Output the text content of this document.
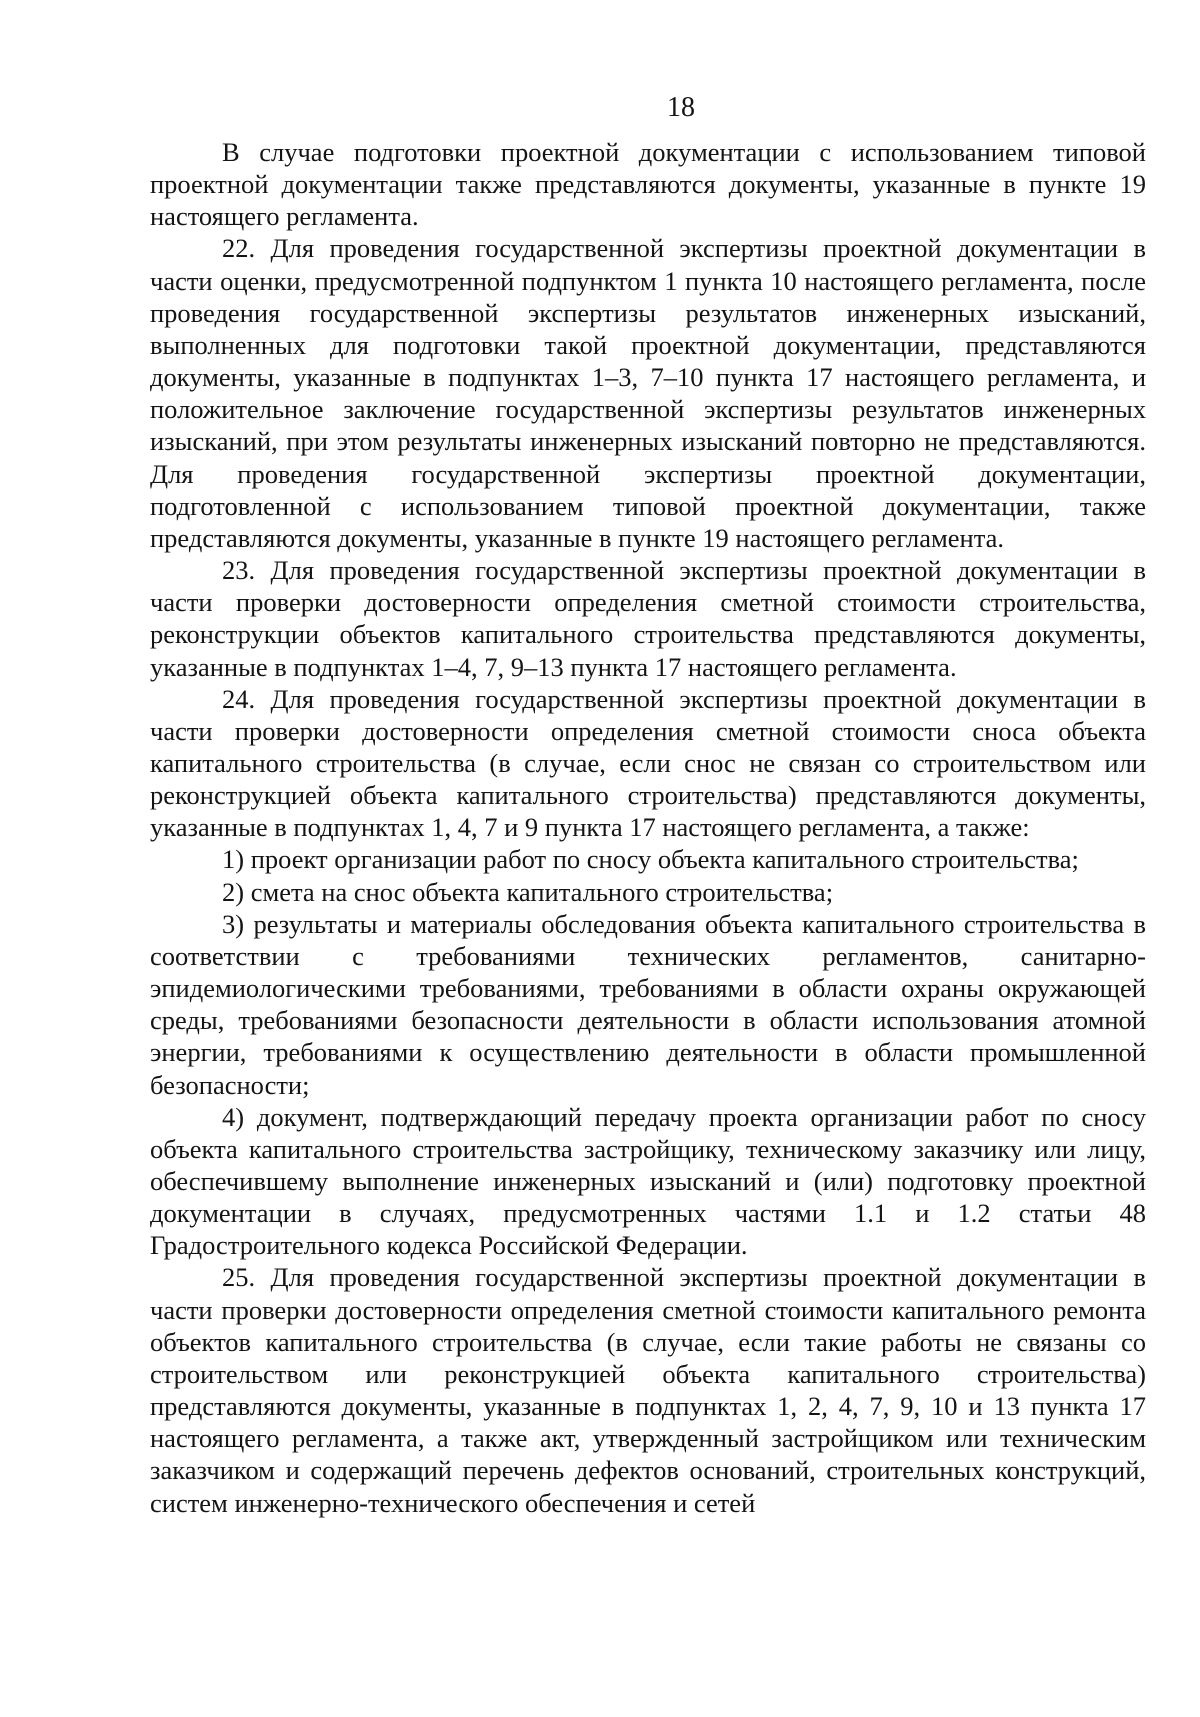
18

В случае подготовки проектной документации с использованием типовой проектной документации также представляются документы, указанные в пункте 19 настоящего регламента.

22. Для проведения государственной экспертизы проектной документации в части оценки, предусмотренной подпунктом 1 пункта 10 настоящего регламента, после проведения государственной экспертизы результатов инженерных изысканий, выполненных для подготовки такой проектной документации, представляются документы, указанные в подпунктах 1–3, 7–10 пункта 17 настоящего регламента, и положительное заключение государственной экспертизы результатов инженерных изысканий, при этом результаты инженерных изысканий повторно не представляются. Для проведения государственной экспертизы проектной документации, подготовленной с использованием типовой проектной документации, также представляются документы, указанные в пункте 19 настоящего регламента.

23. Для проведения государственной экспертизы проектной документации в части проверки достоверности определения сметной стоимости строительства, реконструкции объектов капитального строительства представляются документы, указанные в подпунктах 1–4, 7, 9–13 пункта 17 настоящего регламента.

24. Для проведения государственной экспертизы проектной документации в части проверки достоверности определения сметной стоимости сноса объекта капитального строительства (в случае, если снос не связан со строительством или реконструкцией объекта капитального строительства) представляются документы, указанные в подпунктах 1, 4, 7 и 9 пункта 17 настоящего регламента, а также:

1) проект организации работ по сносу объекта капитального строительства;

2) смета на снос объекта капитального строительства;

3) результаты и материалы обследования объекта капитального строительства в соответствии с требованиями технических регламентов, санитарно-эпидемиологическими требованиями, требованиями в области охраны окружающей среды, требованиями безопасности деятельности в области использования атомной энергии, требованиями к осуществлению деятельности в области промышленной безопасности;

4) документ, подтверждающий передачу проекта организации работ по сносу объекта капитального строительства застройщику, техническому заказчику или лицу, обеспечившему выполнение инженерных изысканий и (или) подготовку проектной документации в случаях, предусмотренных частями 1.1 и 1.2 статьи 48 Градостроительного кодекса Российской Федерации.

25. Для проведения государственной экспертизы проектной документации в части проверки достоверности определения сметной стоимости капитального ремонта объектов капитального строительства (в случае, если такие работы не связаны со строительством или реконструкцией объекта капитального строительства) представляются документы, указанные в подпунктах 1, 2, 4, 7, 9, 10 и 13 пункта 17 настоящего регламента, а также акт, утвержденный застройщиком или техническим заказчиком и содержащий перечень дефектов оснований, строительных конструкций, систем инженерно-технического обеспечения и сетей
